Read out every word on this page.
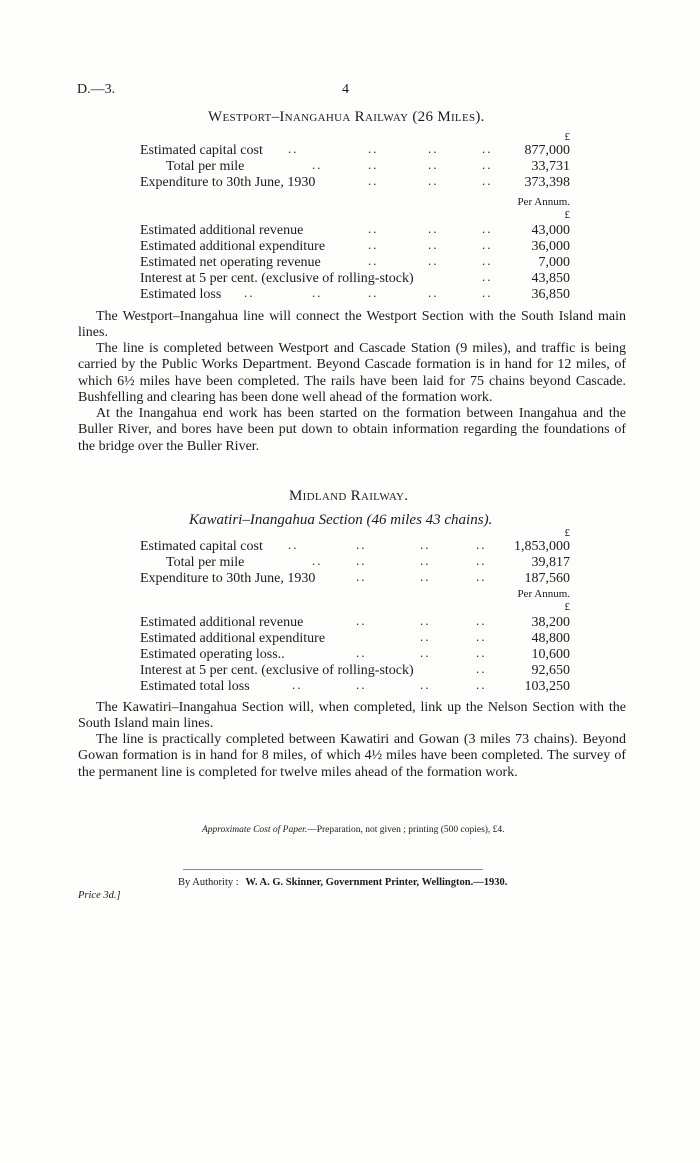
D.—3.	4
Westport–Inangahua Railway (26 Miles).
£
Estimated capital cost ..	..	..	.. 877,000
Total per mile	..	..	..	..	33,731
Expenditure to 30th June, 1930	..	..	.. 373,398
Per Annum.
£
Estimated additional revenue	..	..	..	43,000
Estimated additional expenditure	..	..	..	36,000
Estimated net operating revenue	..	..	..	7,000
Interest at 5 per cent. (exclusive of rolling-stock)	..	43,850
Estimated loss ..	..	..	..	..	36,850

The Westport–Inangahua line will connect the Westport Section with the South Island main lines.

The line is completed between Westport and Cascade Station (9 miles), and traffic is being carried by the Public Works Department. Beyond Cascade formation is in hand for 12 miles, of which 6½ miles have been completed. The rails have been laid for 75 chains beyond Cascade. Bushfelling and clearing has been done well ahead of the formation work.

At the Inangahua end work has been started on the formation between Inangahua and the Buller River, and bores have been put down to obtain information regarding the foundations of the bridge over the Buller River.

Midland Railway.
Kawatiri–Inangahua Section (46 miles 43 chains).
£
Estimated capital cost ..	..	..	.. 1,853,000
Total per mile	..	..	..	..	39,817
Expenditure to 30th June, 1930	..	..	..	187,560
Per Annum.
£
Estimated additional revenue	..	..	..	38,200
Estimated additional expenditure	..	..	48,800
Estimated operating loss..	..	..	..	10,600
Interest at 5 per cent. (exclusive of rolling-stock)	..	92,650
Estimated total loss	..	..	..	..	103,250

The Kawatiri–Inangahua Section will, when completed, link up the Nelson Section with the South Island main lines.

The line is practically completed between Kawatiri and Gowan (3 miles 73 chains). Beyond Gowan formation is in hand for 8 miles, of which 4½ miles have been completed. The survey of the permanent line is completed for twelve miles ahead of the formation work.

Approximate Cost of Paper.—Preparation, not given ; printing (500 copies), £4.
By Authority : W. A. G. Skinner, Government Printer, Wellington.—1930.
Price 3d.]
